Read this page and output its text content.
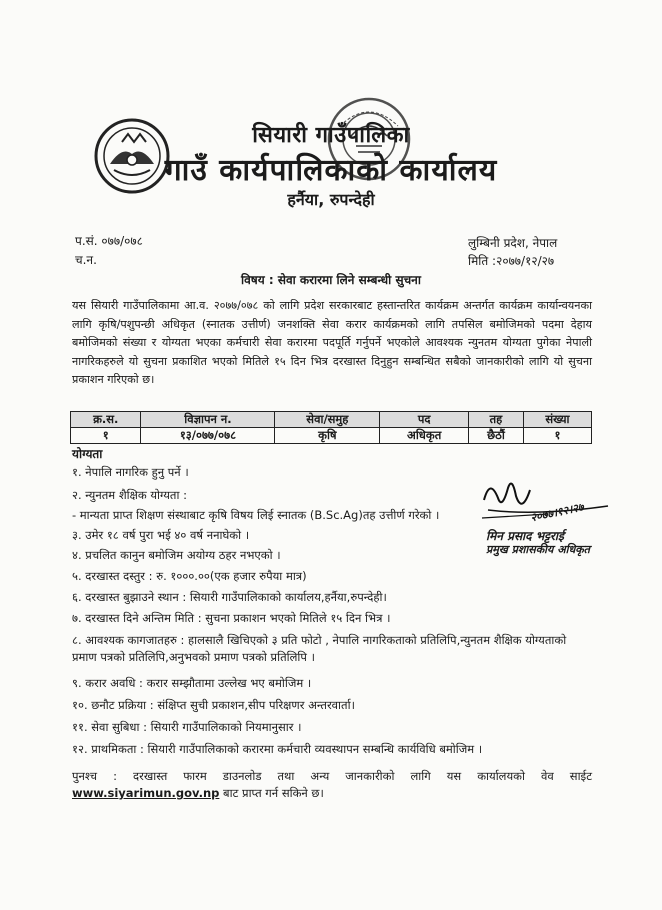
सियारी गाउँपालिका
गाउँ कार्यपालिकाको कार्यालय
हर्नैया, रुपन्देही
प.सं. ०७७/०७८
च.न.
लुम्बिनी प्रदेश, नेपाल
मिति :२०७७/१२/२७
विषय : सेवा करारमा लिने सम्बन्धी सुचना
यस सियारी गाउँपालिकामा आ.व. २०७७/०७८ को लागि प्रदेश सरकारबाट हस्तान्तरित कार्यक्रम अन्तर्गत कार्यक्रम कार्यान्वयनका लागि कृषि/पशुपन्छी अधिकृत (स्नातक उत्तीर्ण) जनशक्ति सेवा करार कार्यक्रमको लागि तपसिल बमोजिमको पदमा देहाय बमोजिमको संख्या र योग्यता भएका कर्मचारी सेवा करारमा पदपूर्ति गर्नुपर्ने भएकोले आवश्यक न्युनतम योग्यता पुगेका नेपाली नागरिकहरुले यो सुचना प्रकाशित भएको मितिले १५ दिन भित्र दरखास्त दिनुहुन सम्बन्धित सबैको जानकारीको लागि यो सुचना प्रकाशन गरिएको छ।
क्र.स.	विज्ञापन न.	सेवा/समुह	पद	तह	संख्या
१	१३/०७७/०७८	कृषि	अधिकृत	छैठौं	१
योग्यता
१. नेपालि नागरिक हुनु पर्ने ।
२. न्युनतम शैक्षिक योग्यता :
- मान्यता प्राप्त शिक्षण संस्थाबाट कृषि विषय लिई स्नातक (B.Sc.Ag)तह उत्तीर्ण गरेको ।
३. उमेर १८ वर्ष पुरा भई ४० वर्ष ननाघेको ।
४. प्रचलित कानुन बमोजिम अयोग्य ठहर नभएको ।
५. दरखास्त दस्तुर : रु. १०००.००(एक हजार रुपैया मात्र)
६. दरखास्त बुझाउने स्थान : सियारी गाउँपालिकाको कार्यालय,हर्नैया,रुपन्देही।
७. दरखास्त दिने अन्तिम मिति : सुचना प्रकाशन भएको मितिले १५ दिन भित्र ।
८. आवश्यक कागजातहरु : हालसालै खिचिएको ३ प्रति फोटो , नेपालि नागरिकताको प्रतिलिपि,न्युनतम शैक्षिक योग्यताको प्रमाण पत्रको प्रतिलिपि,अनुभवको प्रमाण पत्रको प्रतिलिपि ।
९. करार अवधि : करार सम्झौतामा उल्लेख भए बमोजिम ।
१०. छनौट प्रक्रिया : संक्षिप्त सुची प्रकाशन,सीप परिक्षणर अन्तरवार्ता।
११. सेवा सुबिधा : सियारी गाउँपालिकाको नियमानुसार ।
१२. प्राथमिकता : सियारी गाउँपालिकाको करारमा कर्मचारी व्यवस्थापन सम्बन्धि कार्यविधि बमोजिम ।
पुनश्च : दरखास्त फारम डाउनलोड तथा अन्य जानकारीको लागि यस कार्यालयको वेव साईट www.siyarimun.gov.np बाट प्राप्त गर्न सकिने छ।
२०७७।१२।२७
मिन प्रसाद भट्टराई
प्रमुख प्रशासकीय अधिकृत
